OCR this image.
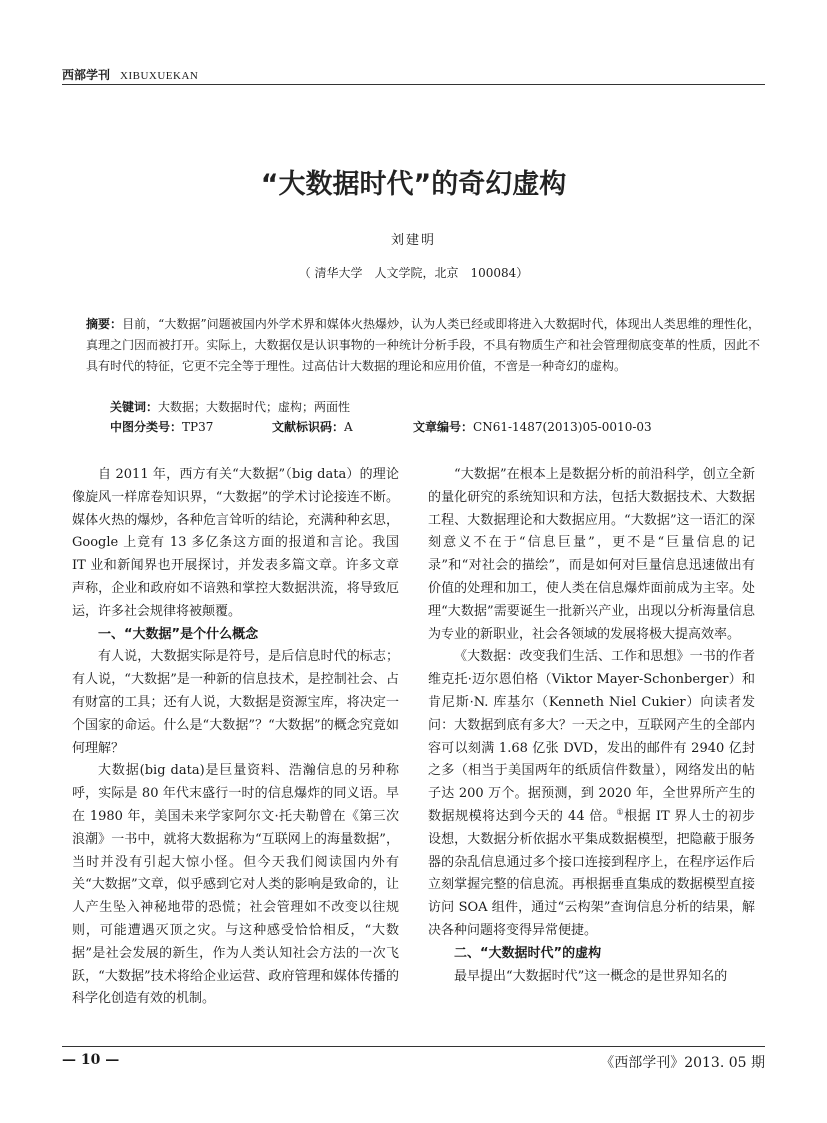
西部学刊 XIBUXUEKAN
“大数据时代”的奇幻虚构
刘建明
（ 清华大学　人文学院，北京　100084）
摘要：目前，“大数据”问题被国内外学术界和媒体火热爆炒，认为人类已经或即将进入大数据时代，体现出人类思维的理性化，真理之门因而被打开。实际上，大数据仅是认识事物的一种统计分析手段，不具有物质生产和社会管理彻底变革的性质，因此不具有时代的特征，它更不完全等于理性。过高估计大数据的理论和应用价值，不啻是一种奇幻的虚构。
关键词：大数据；大数据时代；虚构；两面性
中图分类号：TP37	文献标识码：A	文章编号：CN61-1487(2013)05-0010-03

自 2011 年，西方有关“大数据”（big data）的理论像旋风一样席卷知识界，“大数据”的学术讨论接连不断。媒体火热的爆炒，各种危言耸听的结论，充满种种玄思，Google 上竟有 13 多亿条这方面的报道和言论。我国 IT 业和新闻界也开展探讨，并发表多篇文章。许多文章声称，企业和政府如不谙熟和掌控大数据洪流，将导致厄运，许多社会规律将被颠覆。

一、“大数据”是个什么概念

有人说，大数据实际是符号，是后信息时代的标志；有人说，“大数据”是一种新的信息技术，是控制社会、占有财富的工具；还有人说，大数据是资源宝库，将决定一个国家的命运。什么是“大数据”？“大数据”的概念究竟如何理解？

大数据(big data)是巨量资料、浩瀚信息的另种称呼，实际是 80 年代末盛行一时的信息爆炸的同义语。早在 1980 年，美国未来学家阿尔文·托夫勒曾在《第三次浪潮》一书中，就将大数据称为“互联网上的海量数据”，当时并没有引起大惊小怪。但今天我们阅读国内外有关“大数据”文章，似乎感到它对人类的影响是致命的，让人产生坠入神秘地带的恐慌；社会管理如不改变以往规则，可能遭遇灭顶之灾。与这种感受恰恰相反，“大数据”是社会发展的新生，作为人类认知社会方法的一次飞跃，“大数据”技术将给企业运营、政府管理和媒体传播的科学化创造有效的机制。

“大数据”在根本上是数据分析的前沿科学，创立全新的量化研究的系统知识和方法，包括大数据技术、大数据工程、大数据理论和大数据应用。“大数据”这一语汇的深刻意义不在于“信息巨量”，更不是“巨量信息的记录”和“对社会的描绘”，而是如何对巨量信息迅速做出有价值的处理和加工，使人类在信息爆炸面前成为主宰。处理“大数据”需要诞生一批新兴产业，出现以分析海量信息为专业的新职业，社会各领域的发展将极大提高效率。

《大数据：改变我们生活、工作和思想》一书的作者维克托·迈尔恩伯格（Viktor Mayer-Schonberger）和肯尼斯·N. 库基尔（Kenneth Niel Cukier）向读者发问：大数据到底有多大？一天之中，互联网产生的全部内容可以刻满 1.68 亿张 DVD，发出的邮件有 2940 亿封之多（相当于美国两年的纸质信件数量），网络发出的帖子达 200 万个。据预测，到 2020 年，全世界所产生的数据规模将达到今天的 44 倍。①根据 IT 界人士的初步设想，大数据分析依据水平集成数据模型，把隐蔽于服务器的杂乱信息通过多个接口连接到程序上，在程序运作后立刻掌握完整的信息流。再根据垂直集成的数据模型直接访问 SOA 组件，通过“云构架”查询信息分析的结果，解决各种问题将变得异常便捷。

二、“大数据时代”的虚构

最早提出“大数据时代”这一概念的是世界知名的

— 10 —	《西部学刊》2013. 05 期
